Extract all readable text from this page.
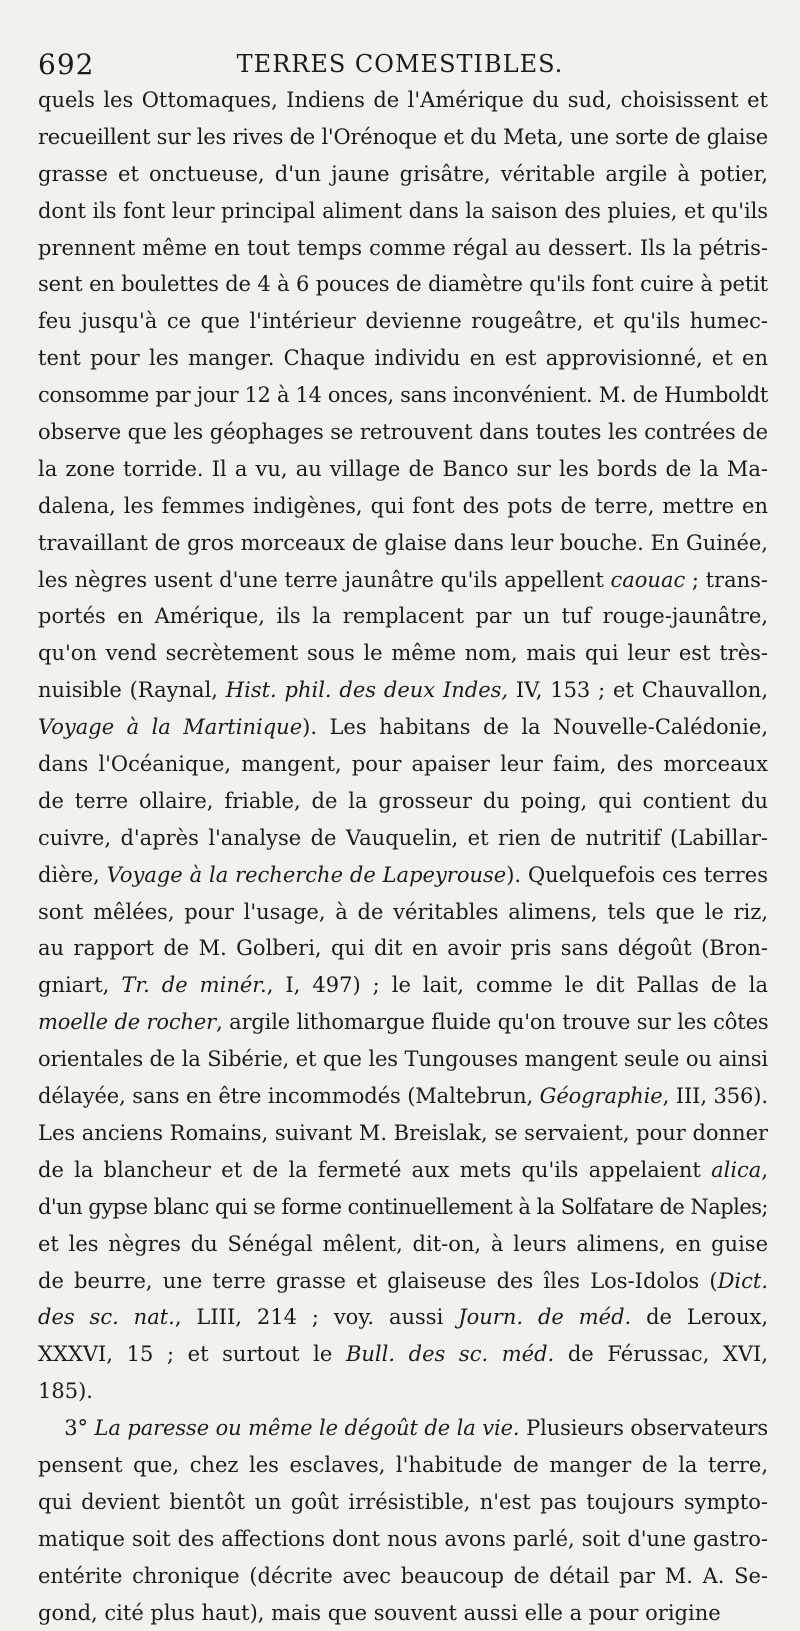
692	TERRES COMESTIBLES.
quels les Ottomaques, Indiens de l'Amérique du sud, choisissent et
recueillent sur les rives de l'Orénoque et du Meta, une sorte de glaise
grasse et onctueuse, d'un jaune grisâtre, véritable argile à potier,
dont ils font leur principal aliment dans la saison des pluies, et qu'ils
prennent même en tout temps comme régal au dessert. Ils la pétris-
sent en boulettes de 4 à 6 pouces de diamètre qu'ils font cuire à petit
feu jusqu'à ce que l'intérieur devienne rougeâtre, et qu'ils humec-
tent pour les manger. Chaque individu en est approvisionné, et en
consomme par jour 12 à 14 onces, sans inconvénient. M. de Humboldt
observe que les géophages se retrouvent dans toutes les contrées de
la zone torride. Il a vu, au village de Banco sur les bords de la Ma-
dalena, les femmes indigènes, qui font des pots de terre, mettre en
travaillant de gros morceaux de glaise dans leur bouche. En Guinée,
les nègres usent d'une terre jaunâtre qu'ils appellent caouac ; trans-
portés en Amérique, ils la remplacent par un tuf rouge-jaunâtre,
qu'on vend secrètement sous le même nom, mais qui leur est très-
nuisible (Raynal, Hist. phil. des deux Indes, IV, 153 ; et Chauvallon,
Voyage à la Martinique). Les habitans de la Nouvelle-Calédonie,
dans l'Océanique, mangent, pour apaiser leur faim, des morceaux
de terre ollaire, friable, de la grosseur du poing, qui contient du
cuivre, d'après l'analyse de Vauquelin, et rien de nutritif (Labillar-
dière, Voyage à la recherche de Lapeyrouse). Quelquefois ces terres
sont mêlées, pour l'usage, à de véritables alimens, tels que le riz,
au rapport de M. Golberi, qui dit en avoir pris sans dégoût (Bron-
gniart, Tr. de minér., I, 497) ; le lait, comme le dit Pallas de la
moelle de rocher, argile lithomargue fluide qu'on trouve sur les côtes
orientales de la Sibérie, et que les Tungouses mangent seule ou ainsi
délayée, sans en être incommodés (Maltebrun, Géographie, III, 356).
Les anciens Romains, suivant M. Breislak, se servaient, pour donner
de la blancheur et de la fermeté aux mets qu'ils appelaient alica,
d'un gypse blanc qui se forme continuellement à la Solfatare de Naples;
et les nègres du Sénégal mêlent, dit-on, à leurs alimens, en guise
de beurre, une terre grasse et glaiseuse des îles Los-Idolos (Dict.
des sc. nat., LIII, 214 ; voy. aussi Journ. de méd. de Leroux,
XXXVI, 15 ; et surtout le Bull. des sc. méd. de Férussac, XVI,
185).
3° La paresse ou même le dégoût de la vie. Plusieurs observateurs
pensent que, chez les esclaves, l'habitude de manger de la terre,
qui devient bientôt un goût irrésistible, n'est pas toujours sympto-
matique soit des affections dont nous avons parlé, soit d'une gastro-
entérite chronique (décrite avec beaucoup de détail par M. A. Se-
gond, cité plus haut), mais que souvent aussi elle a pour origine
